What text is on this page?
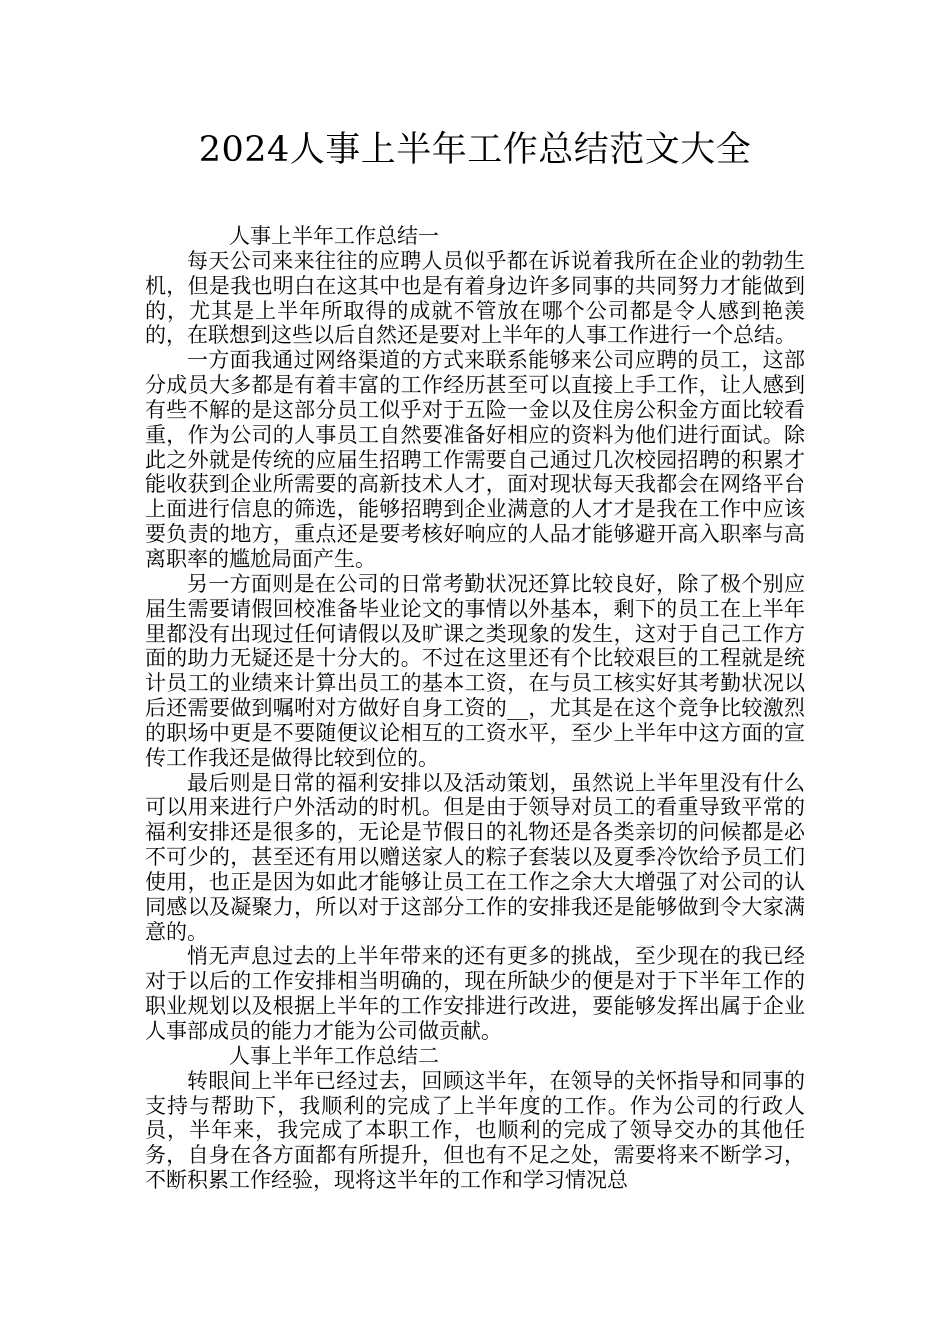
2024人事上半年工作总结范文大全

人事上半年工作总结一

每天公司来来往往的应聘人员似乎都在诉说着我所在企业的勃勃生机，但是我也明白在这其中也是有着身边许多同事的共同努力才能做到的，尤其是上半年所取得的成就不管放在哪个公司都是令人感到艳羡的，在联想到这些以后自然还是要对上半年的人事工作进行一个总结。

一方面我通过网络渠道的方式来联系能够来公司应聘的员工，这部分成员大多都是有着丰富的工作经历甚至可以直接上手工作，让人感到有些不解的是这部分员工似乎对于五险一金以及住房公积金方面比较看重，作为公司的人事员工自然要准备好相应的资料为他们进行面试。除此之外就是传统的应届生招聘工作需要自己通过几次校园招聘的积累才能收获到企业所需要的高新技术人才，面对现状每天我都会在网络平台上面进行信息的筛选，能够招聘到企业满意的人才才是我在工作中应该要负责的地方，重点还是要考核好响应的人品才能够避开高入职率与高离职率的尴尬局面产生。

另一方面则是在公司的日常考勤状况还算比较良好，除了极个别应届生需要请假回校准备毕业论文的事情以外基本，剩下的员工在上半年里都没有出现过任何请假以及旷课之类现象的发生，这对于自己工作方面的助力无疑还是十分大的。不过在这里还有个比较艰巨的工程就是统计员工的业绩来计算出员工的基本工资，在与员工核实好其考勤状况以后还需要做到嘱咐对方做好自身工资的__，尤其是在这个竞争比较激烈的职场中更是不要随便议论相互的工资水平，至少上半年中这方面的宣传工作我还是做得比较到位的。

最后则是日常的福利安排以及活动策划，虽然说上半年里没有什么可以用来进行户外活动的时机。但是由于领导对员工的看重导致平常的福利安排还是很多的，无论是节假日的礼物还是各类亲切的问候都是必不可少的，甚至还有用以赠送家人的粽子套装以及夏季冷饮给予员工们使用，也正是因为如此才能够让员工在工作之余大大增强了对公司的认同感以及凝聚力，所以对于这部分工作的安排我还是能够做到令大家满意的。

悄无声息过去的上半年带来的还有更多的挑战，至少现在的我已经对于以后的工作安排相当明确的，现在所缺少的便是对于下半年工作的职业规划以及根据上半年的工作安排进行改进，要能够发挥出属于企业人事部成员的能力才能为公司做贡献。

人事上半年工作总结二

转眼间上半年已经过去，回顾这半年，在领导的关怀指导和同事的支持与帮助下，我顺利的完成了上半年度的工作。作为公司的行政人员，半年来，我完成了本职工作，也顺利的完成了领导交办的其他任务，自身在各方面都有所提升，但也有不足之处，需要将来不断学习，不断积累工作经验，现将这半年的工作和学习情况总
